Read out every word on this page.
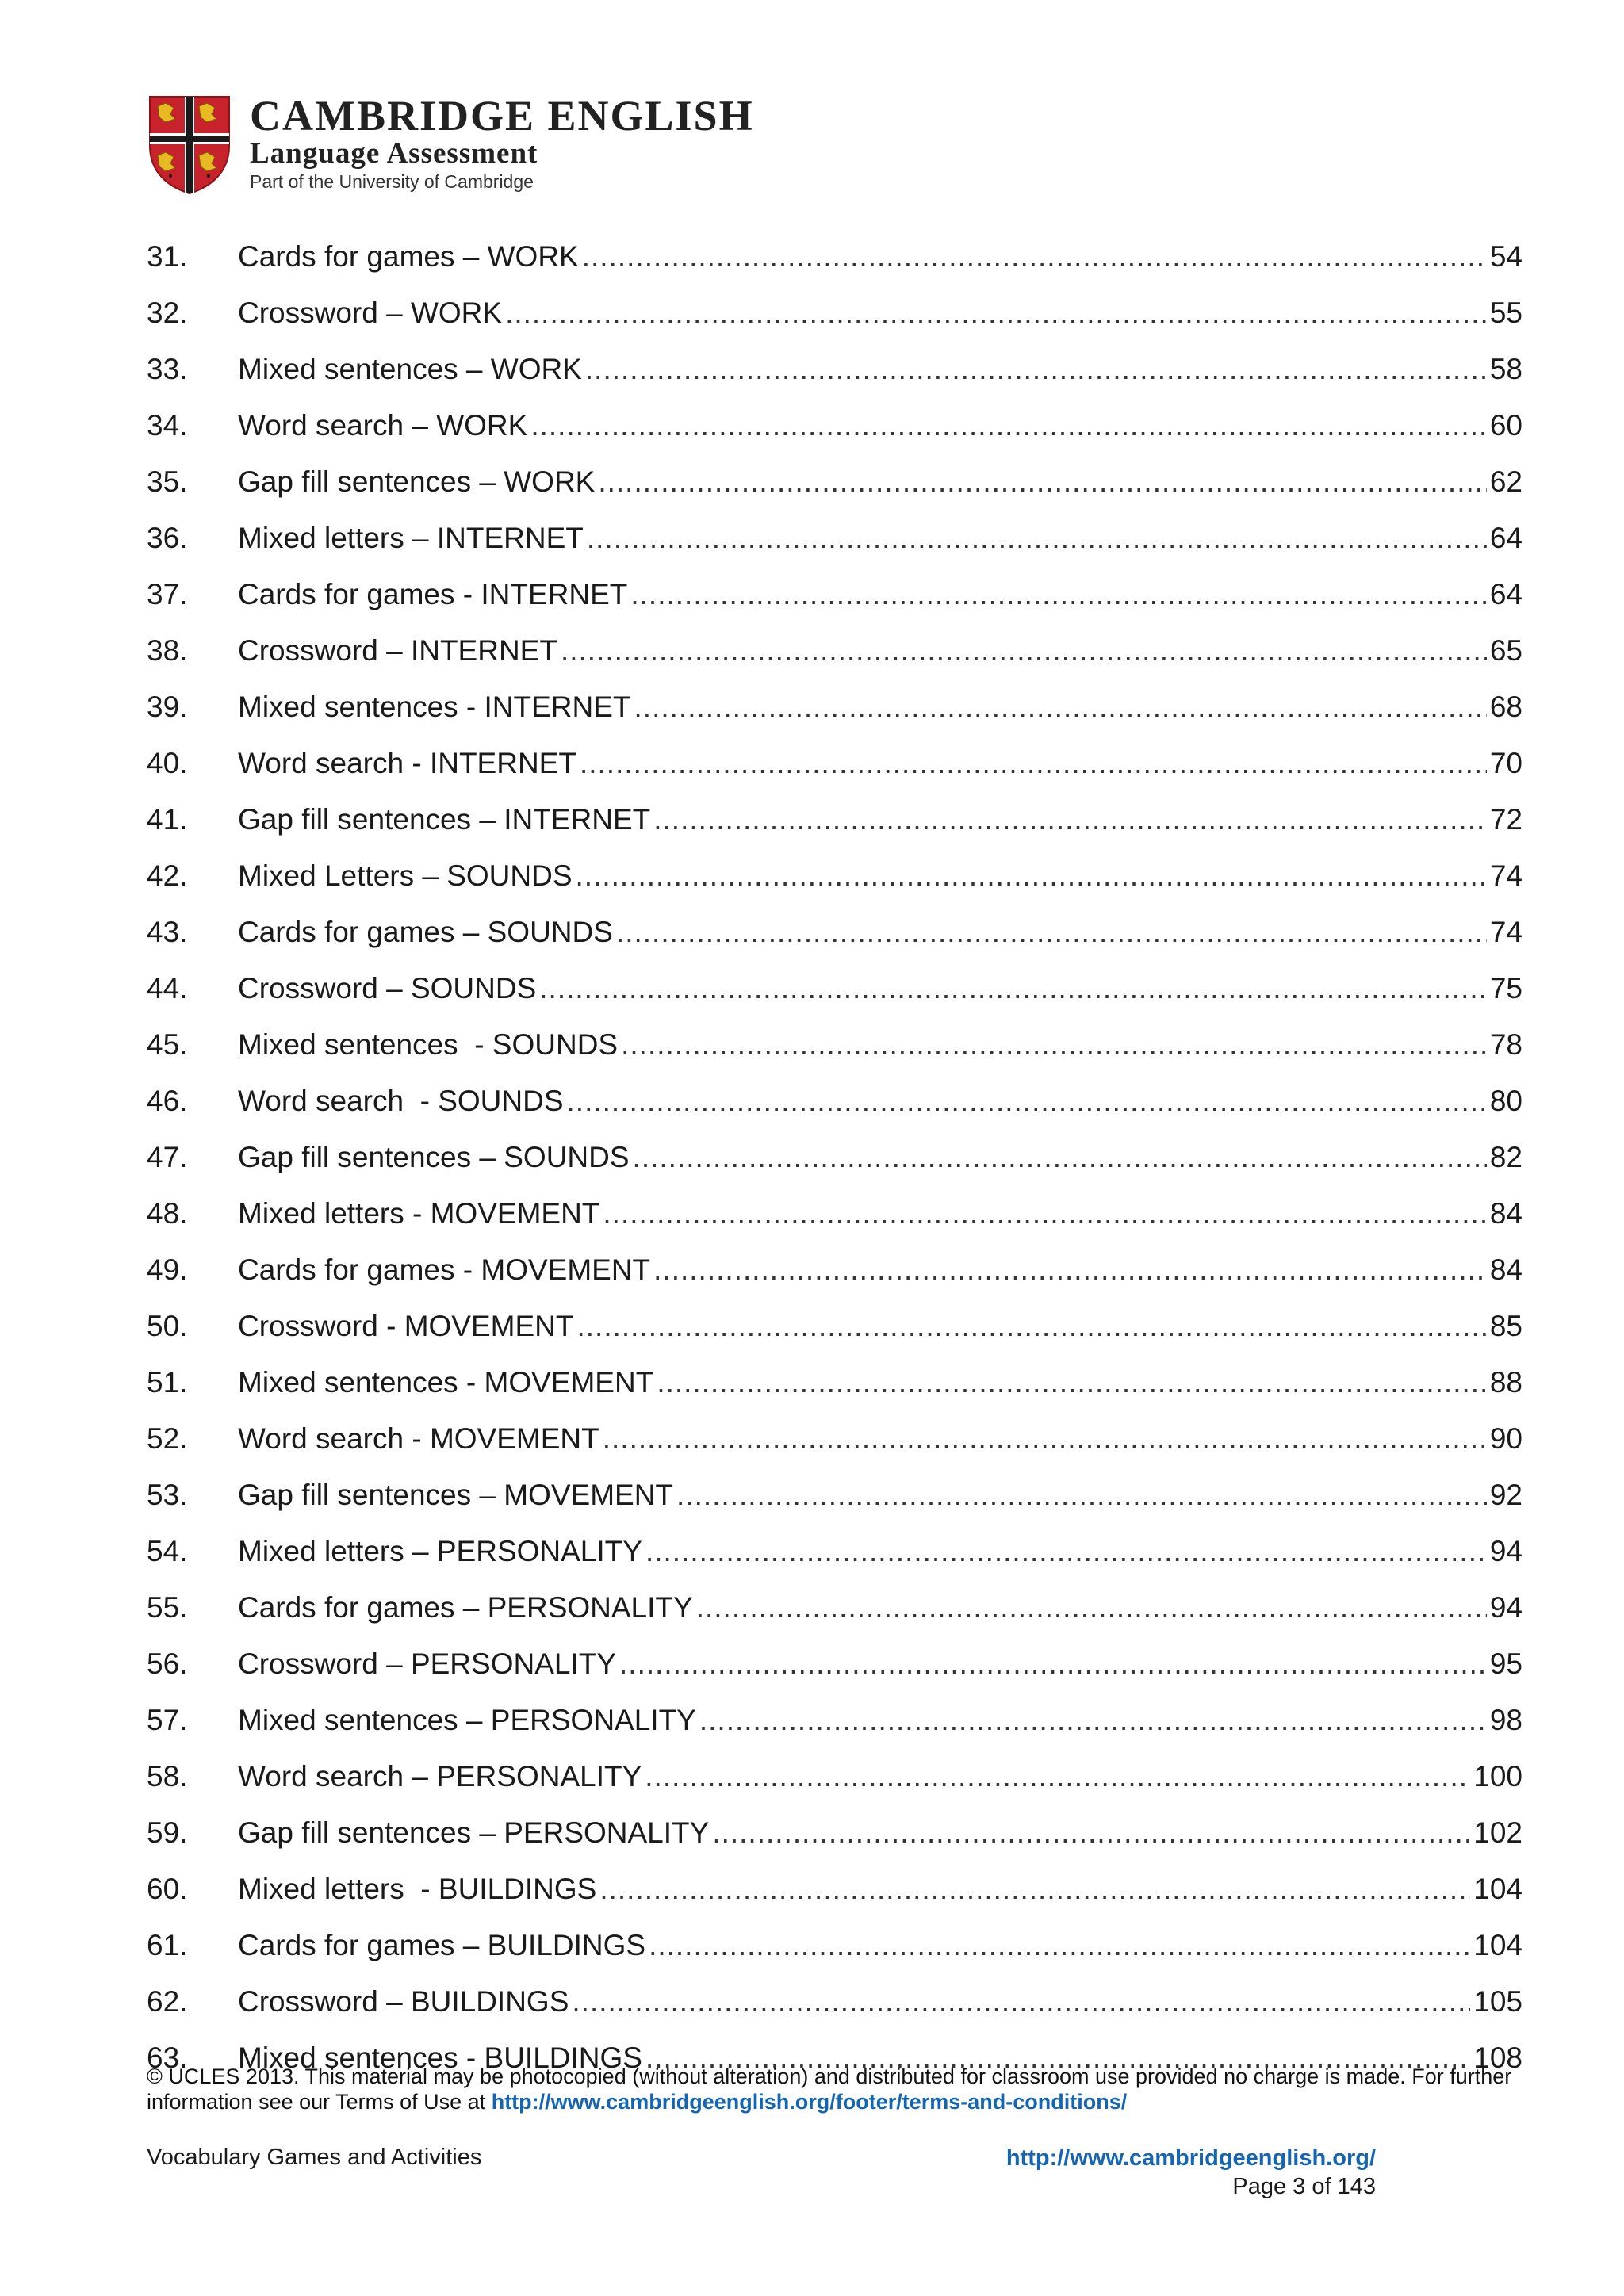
CAMBRIDGE ENGLISH
Language Assessment
Part of the University of Cambridge
31.	Cards for games – WORK .....	54
32.	Crossword – WORK .....	55
33.	Mixed sentences – WORK .....	58
34.	Word search – WORK .....	60
35.	Gap fill sentences – WORK .....	62
36.	Mixed letters – INTERNET .....	64
37.	Cards for games - INTERNET .....	64
38.	Crossword – INTERNET .....	65
39.	Mixed sentences - INTERNET .....	68
40.	Word search - INTERNET .....	70
41.	Gap fill sentences – INTERNET .....	72
42.	Mixed Letters – SOUNDS .....	74
43.	Cards for games – SOUNDS .....	74
44.	Crossword – SOUNDS .....	75
45.	Mixed sentences  - SOUNDS .....	78
46.	Word search  - SOUNDS .....	80
47.	Gap fill sentences – SOUNDS .....	82
48.	Mixed letters - MOVEMENT .....	84
49.	Cards for games - MOVEMENT .....	84
50.	Crossword - MOVEMENT .....	85
51.	Mixed sentences - MOVEMENT .....	88
52.	Word search - MOVEMENT .....	90
53.	Gap fill sentences – MOVEMENT .....	92
54.	Mixed letters – PERSONALITY .....	94
55.	Cards for games – PERSONALITY .....	94
56.	Crossword – PERSONALITY .....	95
57.	Mixed sentences – PERSONALITY .....	98
58.	Word search – PERSONALITY .....	100
59.	Gap fill sentences – PERSONALITY .....	102
60.	Mixed letters  - BUILDINGS .....	104
61.	Cards for games – BUILDINGS .....	104
62.	Crossword – BUILDINGS .....	105
63.	Mixed sentences - BUILDINGS .....	108
© UCLES 2013. This material may be photocopied (without alteration) and distributed for classroom use provided no charge is made. For further information see our Terms of Use at http://www.cambridgeenglish.org/footer/terms-and-conditions/
Vocabulary Games and Activities	http://www.cambridgeenglish.org/
Page 3 of 143
